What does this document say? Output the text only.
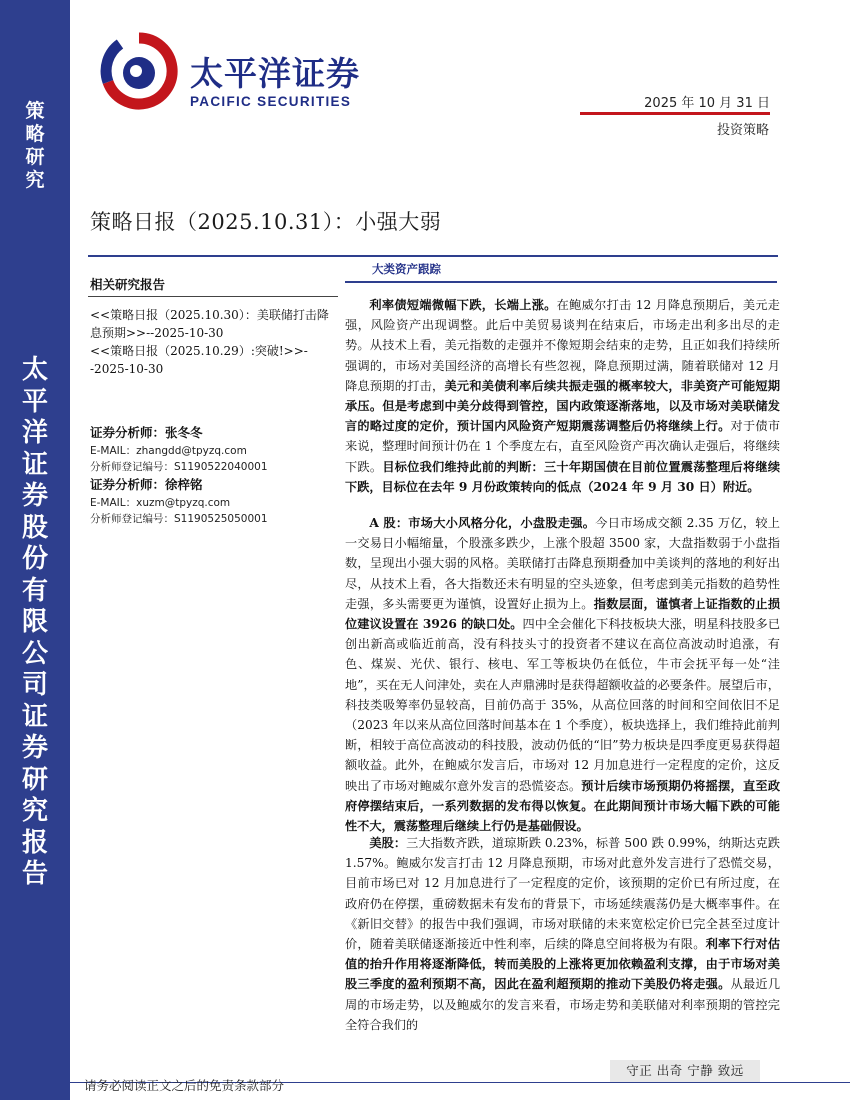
策略研究
太平洋证券股份有限公司证券研究报告
太平洋证券
PACIFIC SECURITIES	2025 年 10 月 31 日
投资策略
策略日报（2025.10.31）：小强大弱
相关研究报告
<<策略日报（2025.10.30）：美联储打击降息预期>>--2025-10-30
<<策略日报（2025.10.29）:突破!>>--2025-10-30
证券分析师：张冬冬
E-MAIL：zhangdd@tpyzq.com
分析师登记编号：S1190522040001
证券分析师：徐梓铭
E-MAIL：xuzm@tpyzq.com
分析师登记编号：S1190525050001
大类资产跟踪
利率债短端微幅下跌，长端上涨。在鲍威尔打击 12 月降息预期后，美元走强，风险资产出现调整。此后中美贸易谈判在结束后，市场走出利多出尽的走势。从技术上看，美元指数的走强并不像短期会结束的走势，且正如我们持续所强调的，市场对美国经济的高增长有些忽视，降息预期过满，随着联储对 12 月降息预期的打击，美元和美债利率后续共振走强的概率较大，非美资产可能短期承压。但是考虑到中美分歧得到管控，国内政策逐渐落地，以及市场对美联储发言的略过度的定价，预计国内风险资产短期震荡调整后仍将继续上行。对于债市来说，整理时间预计仍在 1 个季度左右，直至风险资产再次确认走强后，将继续下跌。目标位我们维持此前的判断：三十年期国债在目前位置震荡整理后将继续下跌，目标位在去年 9 月份政策转向的低点（2024 年 9 月 30 日）附近。
A 股：市场大小风格分化，小盘股走强。今日市场成交额 2.35 万亿，较上一交易日小幅缩量，个股涨多跌少，上涨个股超 3500 家，大盘指数弱于小盘指数，呈现出小强大弱的风格。美联储打击降息预期叠加中美谈判的落地的利好出尽，从技术上看，各大指数还未有明显的空头迹象，但考虑到美元指数的趋势性走强，多头需要更为谨慎，设置好止损为上。指数层面，谨慎者上证指数的止损位建议设置在 3926 的缺口处。四中全会催化下科技板块大涨，明星科技股多已创出新高或临近前高，没有科技头寸的投资者不建议在高位高波动时追涨，有色、煤炭、光伏、银行、核电、军工等板块仍在低位，牛市会抚平每一处“洼地”，买在无人问津处，卖在人声鼎沸时是获得超额收益的必要条件。展望后市，科技类吸筹率仍显较高，目前仍高于 35%，从高位回落的时间和空间依旧不足（2023 年以来从高位回落时间基本在 1 个季度），板块选择上，我们维持此前判断，相较于高位高波动的科技股，波动仍低的“旧”势力板块是四季度更易获得超额收益。此外，在鲍威尔发言后，市场对 12 月加息进行一定程度的定价，这反映出了市场对鲍威尔意外发言的恐慌姿态。预计后续市场预期仍将摇摆，直至政府停摆结束后，一系列数据的发布得以恢复。在此期间预计市场大幅下跌的可能性不大，震荡整理后继续上行仍是基础假设。
美股：三大指数齐跌，道琼斯跌 0.23%，标普 500 跌 0.99%，纳斯达克跌 1.57%。鲍威尔发言打击 12 月降息预期，市场对此意外发言进行了恐慌交易，目前市场已对 12 月加息进行了一定程度的定价，该预期的定价已有所过度，在政府仍在停摆，重磅数据未有发布的背景下，市场延续震荡仍是大概率事件。在《新旧交替》的报告中我们强调，市场对联储的未来宽松定价已完全甚至过度计价，随着美联储逐渐接近中性利率，后续的降息空间将极为有限。利率下行对估值的抬升作用将逐渐降低，转而美股的上涨将更加依赖盈利支撑，由于市场对美股三季度的盈利预期不高，因此在盈利超预期的推动下美股仍将走强。从最近几周的市场走势，以及鲍威尔的发言来看，市场走势和美联储对利率预期的管控完全符合我们的
请务必阅读正文之后的免责条款部分
守正 出奇 宁静 致远
